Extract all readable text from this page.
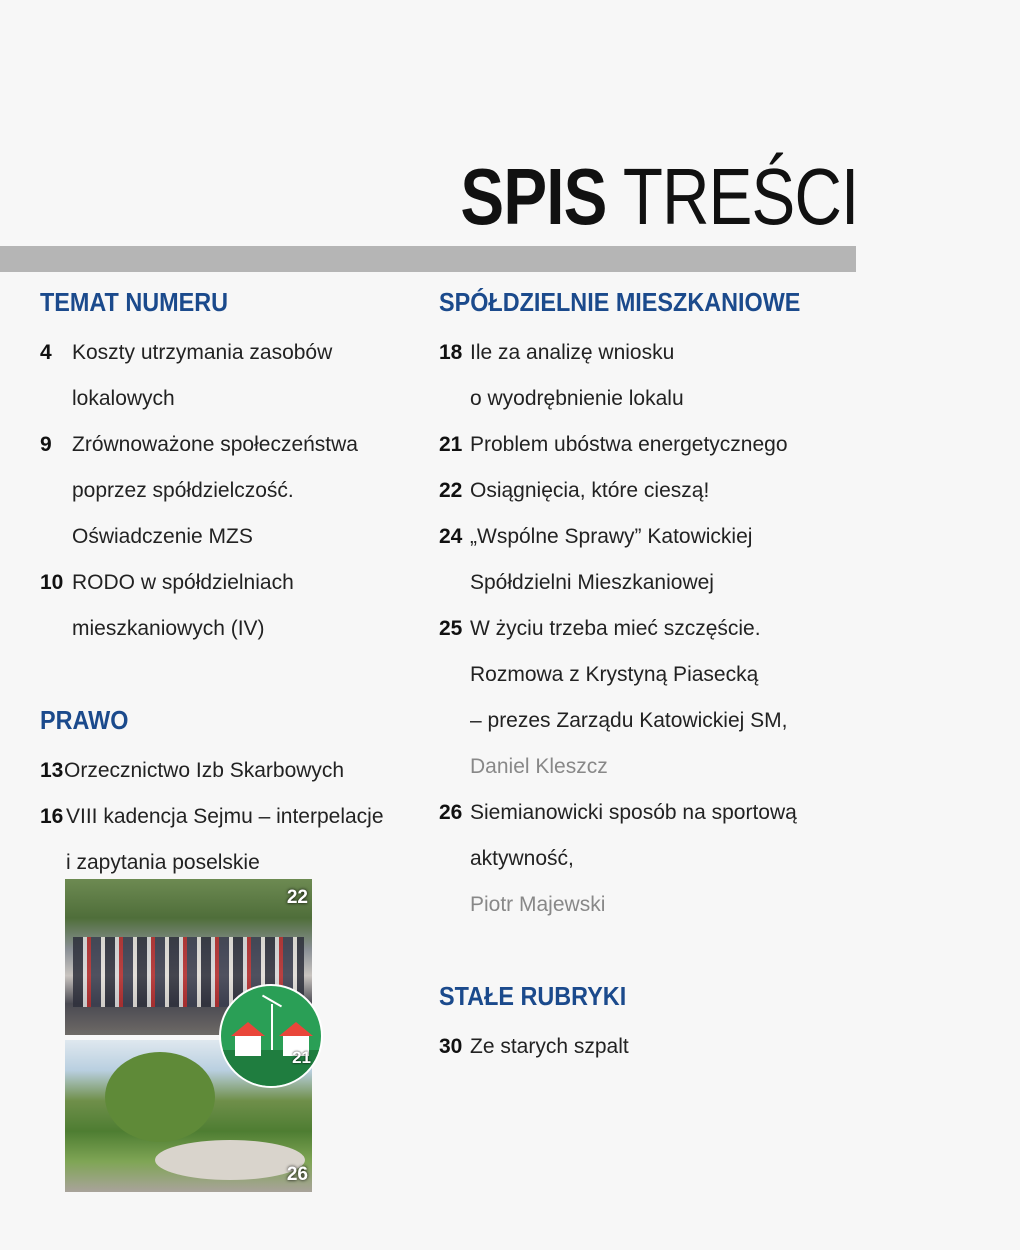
SPIS TREŚCI
TEMAT NUMERU
4 Koszty utrzymania zasobów
lokalowych
9 Zrównoważone społeczeństwa
poprzez spółdzielczość.
Oświadczenie MZS
10 RODO w spółdzielniach
mieszkaniowych (IV)
PRAWO
13 Orzecznictwo Izb Skarbowych
16 VIII kadencja Sejmu – interpelacje
i zapytania poselskie
SPÓŁDZIELNIE MIESZKANIOWE
18 Ile za analizę wniosku
o wyodrębnienie lokalu
21 Problem ubóstwa energetycznego
22 Osiągnięcia, które cieszą!
24 „Wspólne Sprawy” Katowickiej
Spółdzielni Mieszkaniowej
25 W życiu trzeba mieć szczęście.
Rozmowa z Krystyną Piasecką
– prezes Zarządu Katowickiej SM,
Daniel Kleszcz
26 Siemianowicki sposób na sportową
aktywność,
Piotr Majewski
STAŁE RUBRYKI
30 Ze starych szpalt
22
26
21
